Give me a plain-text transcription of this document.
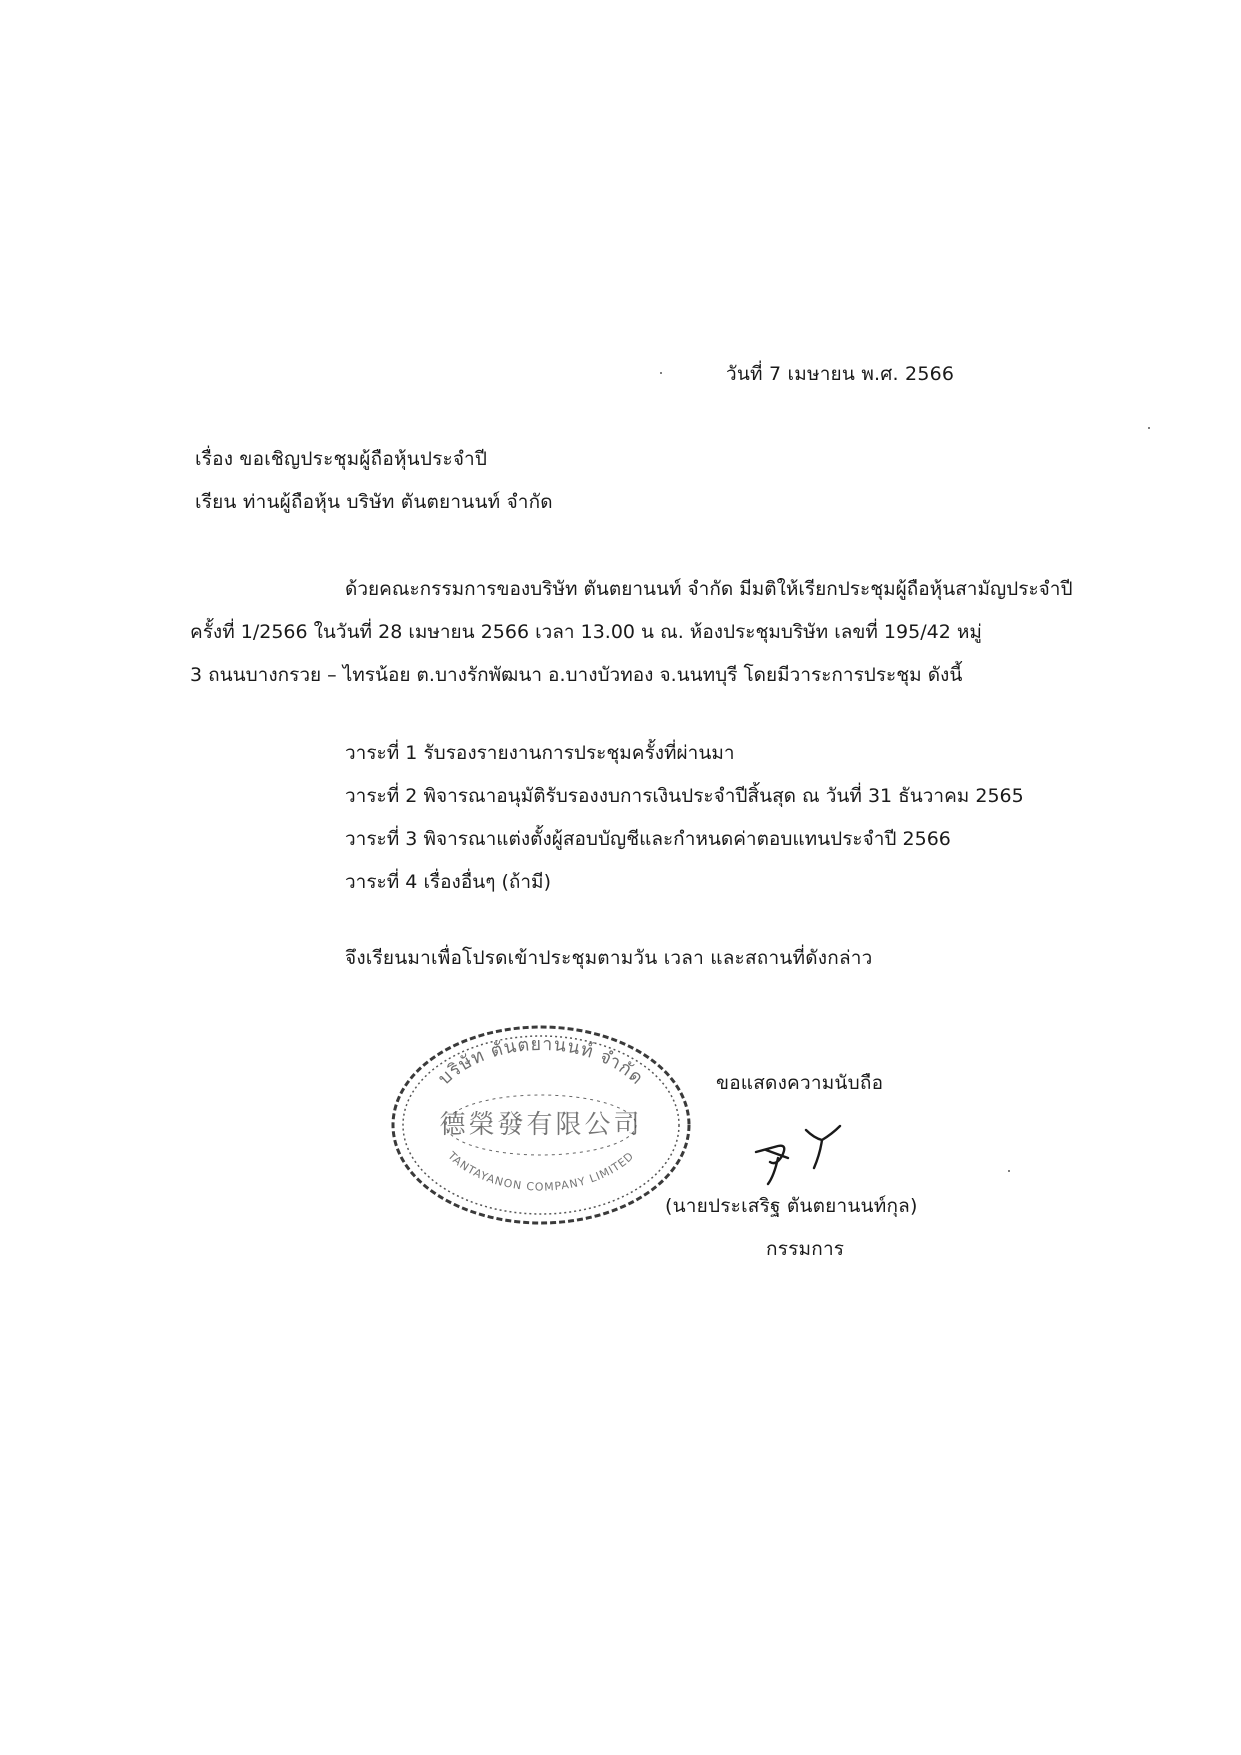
วันที่ 7 เมษายน พ.ศ. 2566
เรื่อง ขอเชิญประชุมผู้ถือหุ้นประจำปี
เรียน ท่านผู้ถือหุ้น บริษัท ตันตยานนท์ จำกัด
ด้วยคณะกรรมการของบริษัท ตันตยานนท์ จำกัด มีมติให้เรียกประชุมผู้ถือหุ้นสามัญประจำปี
ครั้งที่ 1/2566 ในวันที่ 28 เมษายน 2566 เวลา 13.00 น ณ. ห้องประชุมบริษัท เลขที่ 195/42 หมู่
3 ถนนบางกรวย – ไทรน้อย ต.บางรักพัฒนา อ.บางบัวทอง จ.นนทบุรี โดยมีวาระการประชุม ดังนี้
วาระที่ 1 รับรองรายงานการประชุมครั้งที่ผ่านมา
วาระที่ 2 พิจารณาอนุมัติรับรองงบการเงินประจำปีสิ้นสุด ณ วันที่ 31 ธันวาคม 2565
วาระที่ 3 พิจารณาแต่งตั้งผู้สอบบัญชีและกำหนดค่าตอบแทนประจำปี 2566
วาระที่ 4 เรื่องอื่นๆ (ถ้ามี)
จึงเรียนมาเพื่อโปรดเข้าประชุมตามวัน เวลา และสถานที่ดังกล่าว
บริษัท ตันตยานนท์ จำกัด
德榮發有限公司
TANTAYANON COMPANY LIMITED
ขอแสดงความนับถือ
(นายประเสริฐ ตันตยานนท์กุล)
กรรมการ
